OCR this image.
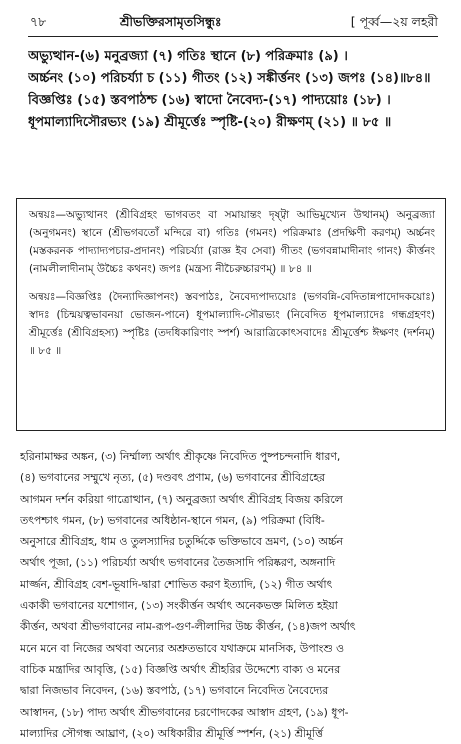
৭৮	শ্রীভক্তিরসামৃতসিন্ধুঃ	[ পূর্ব্ব—২য় লহরী
অভ্যুত্থান-(৬) মনুব্রজ্যা (৭) গতিঃ স্থানে (৮) পরিক্রমাঃ (৯) ।
অর্চ্চনং (১০) পরিচর্য্যা চ (১১) গীতং (১২) সঙ্কীর্ত্তনং (১৩) জপঃ (১৪)॥৮৪॥
বিজ্ঞপ্তিঃ (১৫) স্তবপাঠশ্চ (১৬) স্বাদো নৈবেদ্য-(১৭) পাদ্যয়োঃ (১৮) ।
ধূপমাল্যাদিসৌরভ্যং (১৯) শ্রীমূর্ত্তেঃ স্পৃষ্টি-(২০) রীক্ষণম্ (২১) ॥ ৮৫ ॥

অন্বয়ঃ—অভ্যুত্থানং (শ্রীবিগ্রহং ভাগবতং বা সমায়ান্তং দৃষ্ট্বা আভিমুখ্যেন উত্থানম্) অনুব্রজ্যা (অনুগমনং) স্থানে (শ্রীভগবতোঁ মন্দিরে বা) গতিঃ (গমনং) পরিক্রমাঃ (প্রদক্ষিণী করণম্) অর্চ্চনং (মস্তকরনক পাদ্যাদ্যপচার-প্রদানং) পরিচর্য্যা (রাজ্ঞ ইব সেবা) গীতং (ভগবন্নামাদীনাং গানং) কীর্ত্তনং (নামলীলাদীনাম্ উচ্চৈঃ কথনং) জপঃ (মন্ত্রস্য নীচৈরুচ্চারণম্) ॥ ৮৪ ॥

অন্বয়ঃ—বিজ্ঞপ্তিঃ (দৈন্যাদিজ্ঞাপনং) স্তবপাঠঃ, নৈবেদ্যপাদ্যয়োঃ (ভগবন্নি-বেদিতান্নপাদোদকয়োঃ) স্বাদঃ (চিন্ময়ত্বভাবনয়া ভোজন-পানে) ধূপমাল্যাদি-সৌরভ্যং (নিবেদিত ধূপমাল্যাদেঃ গন্ধগ্রহণং) শ্রীমূর্ত্তেঃ (শ্রীবিগ্রহস্য) স্পৃষ্টিঃ (তদধিকারিণাং স্পর্শ) আরাত্রিকোৎসবাদেঃ শ্রীমূর্ত্তেশ্চ ঈক্ষণং (দর্শনম্) ॥ ৮৫ ॥

হরিনামাক্ষর অঙ্কন, (৩) নির্ম্মাল্য অর্থাৎ শ্রীকৃষ্ণে নিবেদিত পুষ্পচন্দনাদি ধারণ,
(৪) ভগবানের সম্মুখে নৃত্য, (৫) দণ্ডবৎ প্রণাম, (৬) ভগবানের শ্রীবিগ্রহের
আগমন দর্শন করিয়া গাত্রোত্থান, (৭) অনুব্রজ্যা অর্থাৎ শ্রীবিগ্রহ বিজয় করিলে
তৎপশ্চাৎ গমন, (৮) ভগবানের অধিষ্ঠান-স্থানে গমন, (৯) পরিক্রমা (বিধি-
অনুসারে শ্রীবিগ্রহ, ধাম ও তুলস্যাদির চতুর্দ্দিকে ভক্তিভাবে ভ্রমণ, (১০) অর্চ্চন
অর্থাৎ পূজা, (১১) পরিচর্য্যা অর্থাৎ ভগবানের তৈজসাদি পরিষ্করণ, অঙ্গনাদি
মার্জ্জন, শ্রীবিগ্রহ বেশ-ভূষাদি-দ্বারা শোভিত করণ ইত্যাদি, (১২) গীত অর্থাৎ
একাকী ভগবানের যশোগান, (১৩) সংকীর্ত্তন অর্থাৎ অনেকভক্ত মিলিত হইয়া
কীর্ত্তন, অথবা শ্রীভগবানের নাম-রূপ-গুণ-লীলাদির উচ্চ কীর্ত্তন, (১৪)জপ অর্থাৎ
মনে মনে বা নিজের অথবা অন্যের অশ্রুতভাবে যথাক্রমে মানসিক, উপাংশু ও
বাচিক মন্ত্রাদির আবৃত্তি, (১৫) বিজ্ঞপ্তি অর্থাৎ শ্রীহরির উদ্দেশ্যে বাক্য ও মনের
দ্বারা নিজভাব নিবেদন, (১৬) স্তবপাঠ, (১৭) ভগবানে নিবেদিত নৈবেদ্যের
আস্বাদন, (১৮) পাদ্য অর্থাৎ শ্রীভগবানের চরণোদকের আস্বাদ গ্রহণ, (১৯) ধূপ-
মাল্যাদির সৌগন্ধ আঘ্রাণ, (২০) অধিকারীর শ্রীমূর্ত্তি স্পর্শন, (২১) শ্রীমূর্ত্তি
